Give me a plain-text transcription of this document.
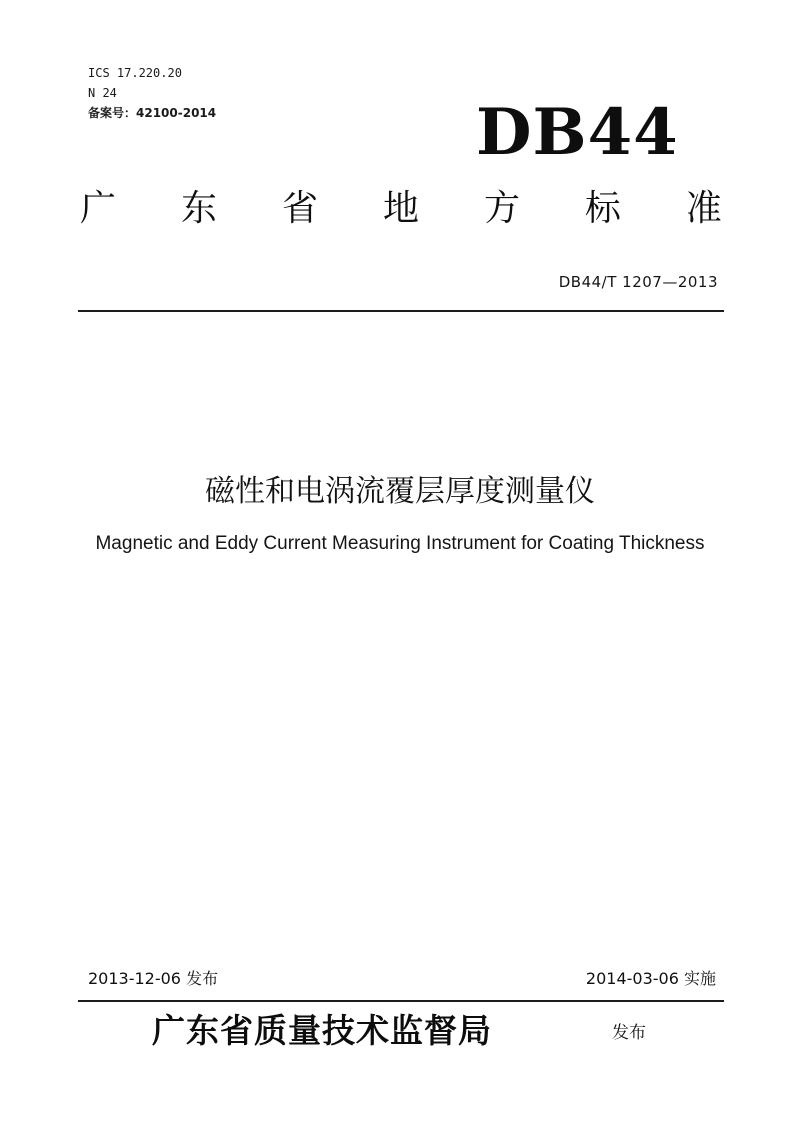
ICS 17.220.20
N 24
备案号：42100-2014	DB44
广 东 省 地 方 标 准
DB44/T 1207—2013
磁性和电涡流覆层厚度测量仪
Magnetic and Eddy Current Measuring Instrument for Coating Thickness
2013-12-06 发布	2014-03-06 实施
广东省质量技术监督局	发布
